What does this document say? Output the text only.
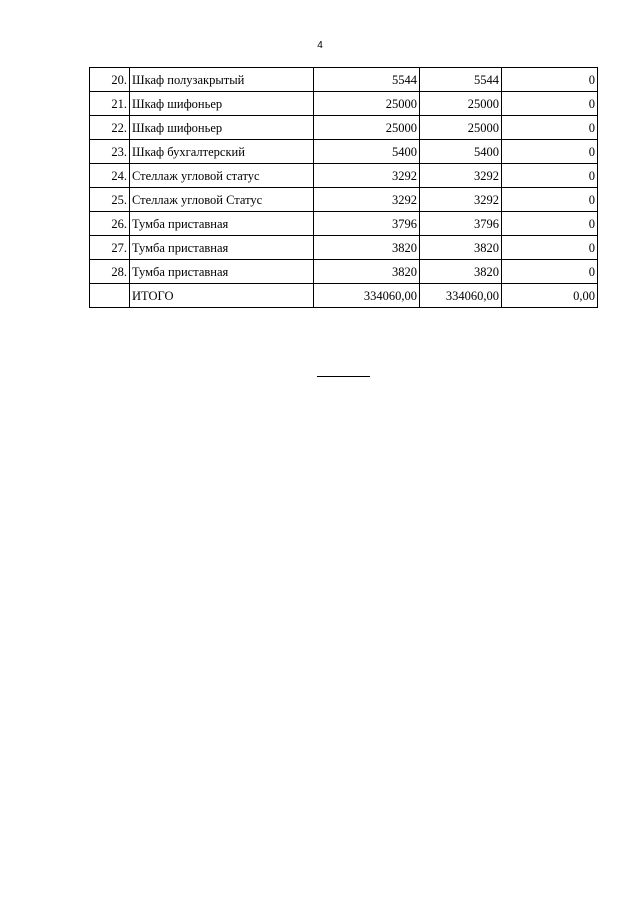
4
20.	Шкаф полузакрытый	5544	5544	0
21.	Шкаф шифоньер	25000	25000	0
22.	Шкаф шифоньер	25000	25000	0
23.	Шкаф бухгалтерский	5400	5400	0
24.	Стеллаж угловой статус	3292	3292	0
25.	Стеллаж угловой Статус	3292	3292	0
26.	Тумба приставная	3796	3796	0
27.	Тумба приставная	3820	3820	0
28.	Тумба приставная	3820	3820	0
	ИТОГО	334060,00	334060,00	0,00
